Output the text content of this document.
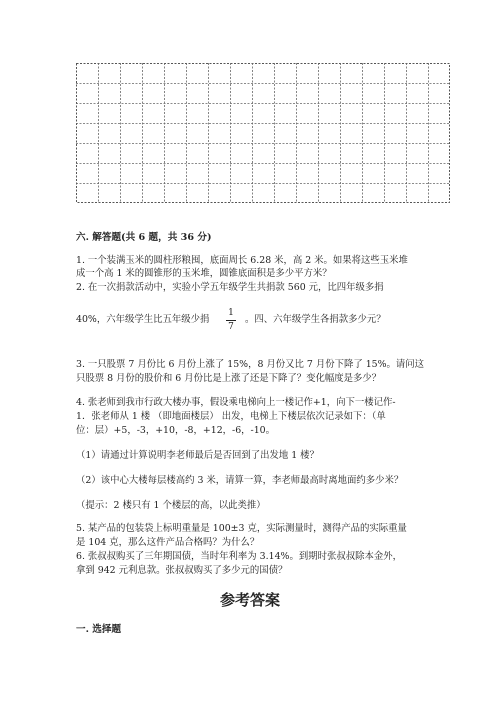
六. 解答题(共 6 题，共 36 分)
1. 一个装满玉米的圆柱形粮囤，底面周长 6.28 米，高 2 米。如果将这些玉米堆
成一个高 1 米的圆锥形的玉米堆，圆锥底面积是多少平方米？
2. 在一次捐款活动中，实验小学五年级学生共捐款 560 元，比四年级多捐
40%，六年级学生比五年级少捐
1
7
。四、六年级学生各捐款多少元？
3. 一只股票 7 月份比 6 月份上涨了 15%，8 月份又比 7 月份下降了 15%。请问这
只股票 8 月份的股价和 6 月份比是上涨了还是下降了？变化幅度是多少？
4. 张老师到我市行政大楼办事，假设乘电梯向上一楼记作+1，向下一楼记作-
1．张老师从 1 楼 （即地面楼层） 出发，电梯上下楼层依次记录如下：（单
位：层）+5，-3，+10，-8，+12，-6，-10。
（1）请通过计算说明李老师最后是否回到了出发地 1 楼？
（2）该中心大楼每层楼高约 3 米，请算一算，李老师最高时离地面约多少米？
（提示：2 楼只有 1 个楼层的高，以此类推）
5. 某产品的包装袋上标明重量是 100±3 克，实际测量时，测得产品的实际重量
是 104 克，那么这件产品合格吗？为什么？
6. 张叔叔购买了三年期国债，当时年利率为 3.14%。到期时张叔叔除本金外，
拿到 942 元利息款。张叔叔购买了多少元的国债？
参考答案
一. 选择题
